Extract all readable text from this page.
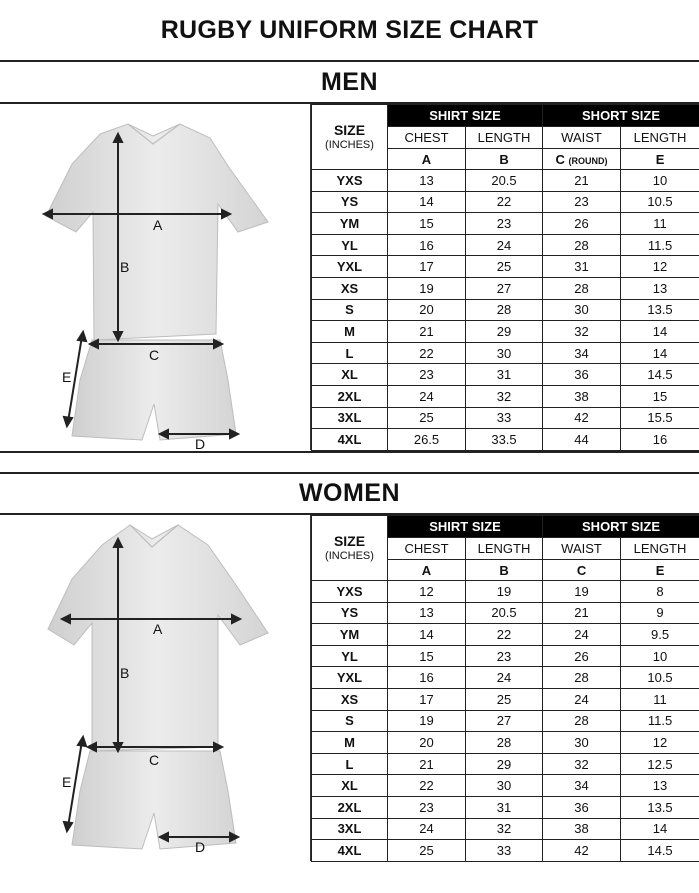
RUGBY UNIFORM SIZE CHART
MEN
A
B
C
D
E
SIZE
(INCHES)	SHIRT SIZE		SHORT SIZE	
	CHEST	LENGTH	WAIST	LENGTH
	A	B	C (ROUND)	E
YXS	13	20.5	21	10
YS	14	22	23	10.5
YM	15	23	26	11
YL	16	24	28	11.5
YXL	17	25	31	12
XS	19	27	28	13
S	20	28	30	13.5
M	21	29	32	14
L	22	30	34	14
XL	23	31	36	14.5
2XL	24	32	38	15
3XL	25	33	42	15.5
4XL	26.5	33.5	44	16
WOMEN
A
B
C
D
E
SIZE
(INCHES)	SHIRT SIZE		SHORT SIZE	
	CHEST	LENGTH	WAIST	LENGTH
	A	B	C	E
YXS	12	19	19	8
YS	13	20.5	21	9
YM	14	22	24	9.5
YL	15	23	26	10
YXL	16	24	28	10.5
XS	17	25	24	11
S	19	27	28	11.5
M	20	28	30	12
L	21	29	32	12.5
XL	22	30	34	13
2XL	23	31	36	13.5
3XL	24	32	38	14
4XL	25	33	42	14.5
